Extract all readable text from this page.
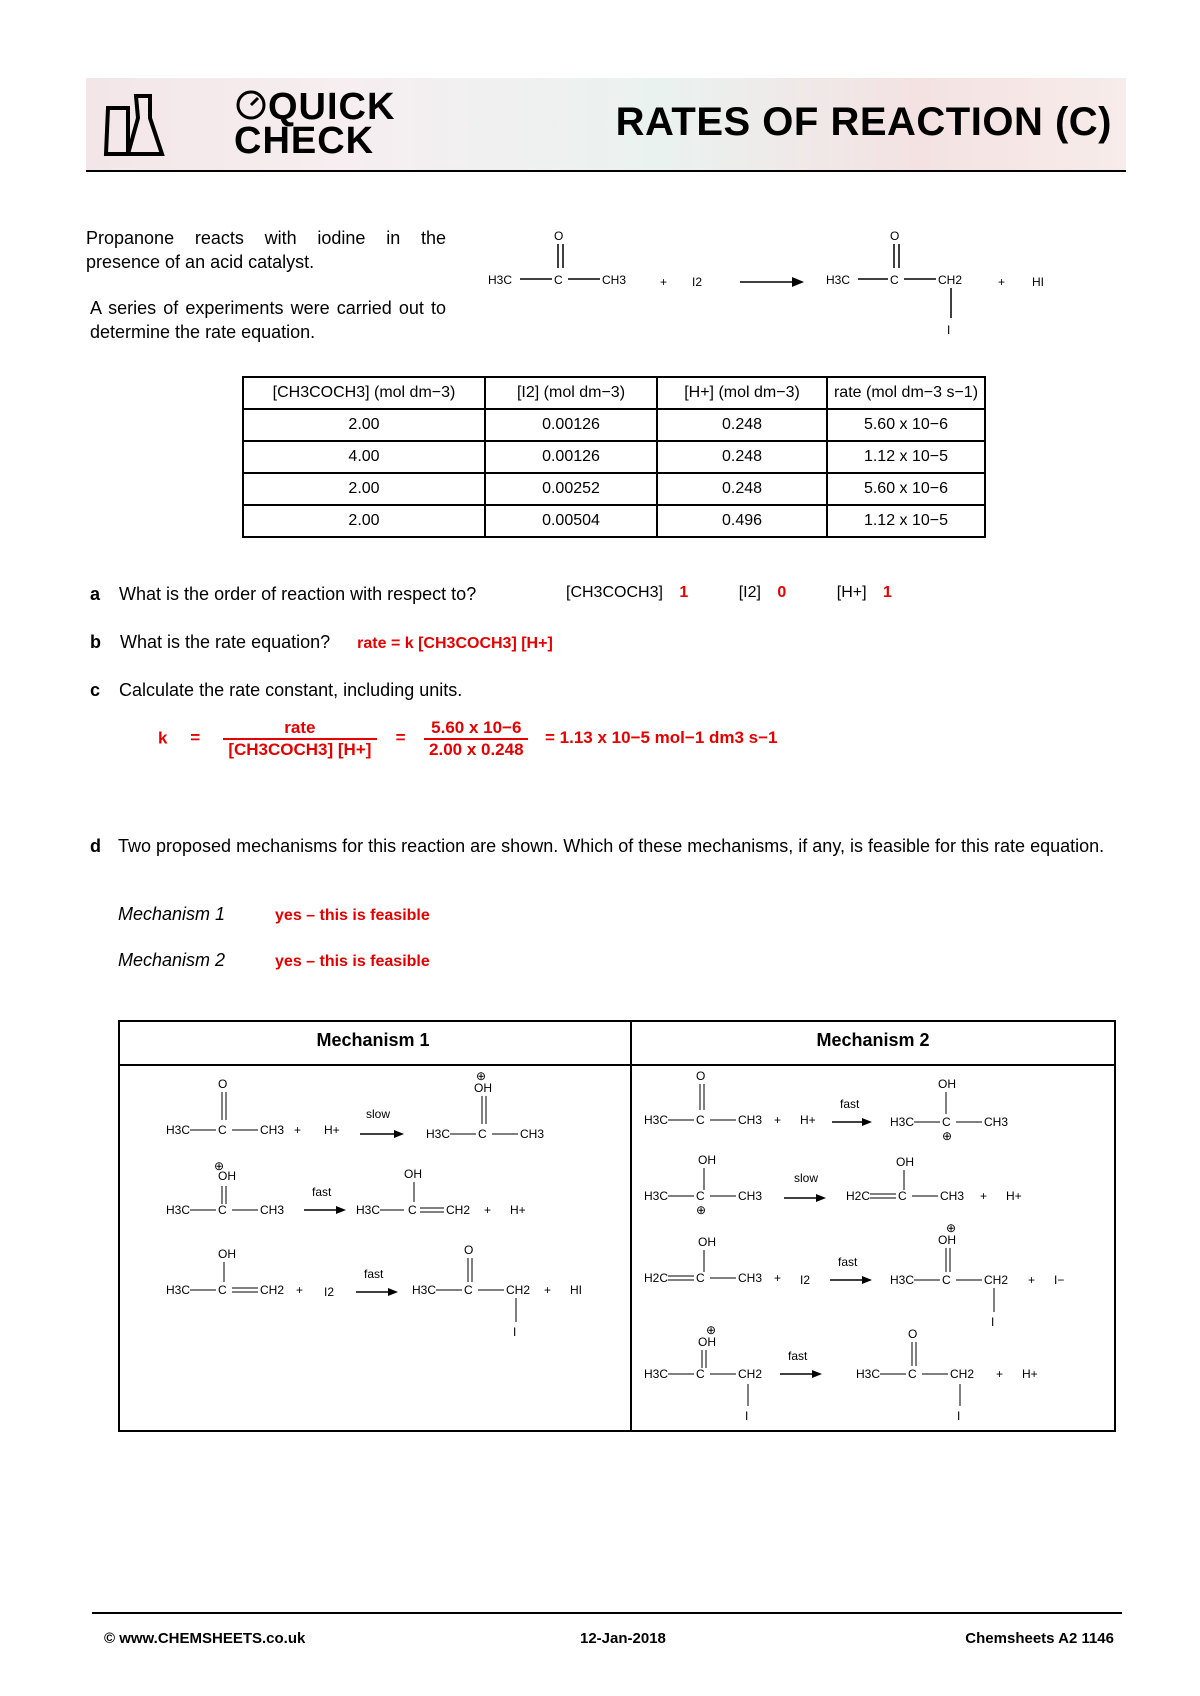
QUICK
CHECK	RATES OF REACTION (C)
Propanone reacts with iodine in the presence of an acid catalyst.
A series of experiments were carried out to determine the rate equation.
H3C	C
O
CH3	+ I2	H3C	C
O
CH2
I
+ HI
[CH3COCH3] (mol dm−3)	[I2] (mol dm−3)	[H+] (mol dm−3)	rate (mol dm−3 s−1)
2.00	0.00126	0.248	5.60 x 10−6
4.00	0.00126	0.248	1.12 x 10−5
2.00	0.00252	0.248	5.60 x 10−6
2.00	0.00504	0.496	1.12 x 10−5
a What is the order of reaction with respect to?	[CH3COCH3] 1	[I2] 0	[H+] 1
b What is the rate equation? rate = k [CH3COCH3] [H+]
c Calculate the rate constant, including units.
$k = \frac{\text{rate}}{\text{[CH3COCH3] [H+]}} = \frac{5.60 x 10-6}{2.00 x 0.248} = 1.13$ x 10−5 mol−1 dm3 s−1
d Two proposed mechanisms for this reaction are shown. Which of these mechanisms, if any, is feasible for this rate equation.
Mechanism 1	yes – this is feasible
Mechanism 2	yes – this is feasible
Mechanism 1	Mechanism 2
H3C C
O
CH3 + H+
slow
H3C C
OH
⊕
CH3
⊕
OH
H3C C	CH3
fast
H3C C
OH
CH2 + H+
OH
H3C C	CH2 + I2
fast
H3C C
O
CH2
I
+ HI
H3C C
O
CH3 + H+
fast
H3C C
OH
⊕
CH3
OH
H3C C
⊕
CH3
slow
H2C C
OH
CH3 + H+
OH
H2C C	CH3 + I2
fast
H3C C
OH
⊕
CH2
I
+ I−
⊕
OH
H3C C	CH2
I
fast
H3C C
O
CH2
I
+ H+
© www.CHEMSHEETS.co.uk	12-Jan-2018	Chemsheets A2 1146
